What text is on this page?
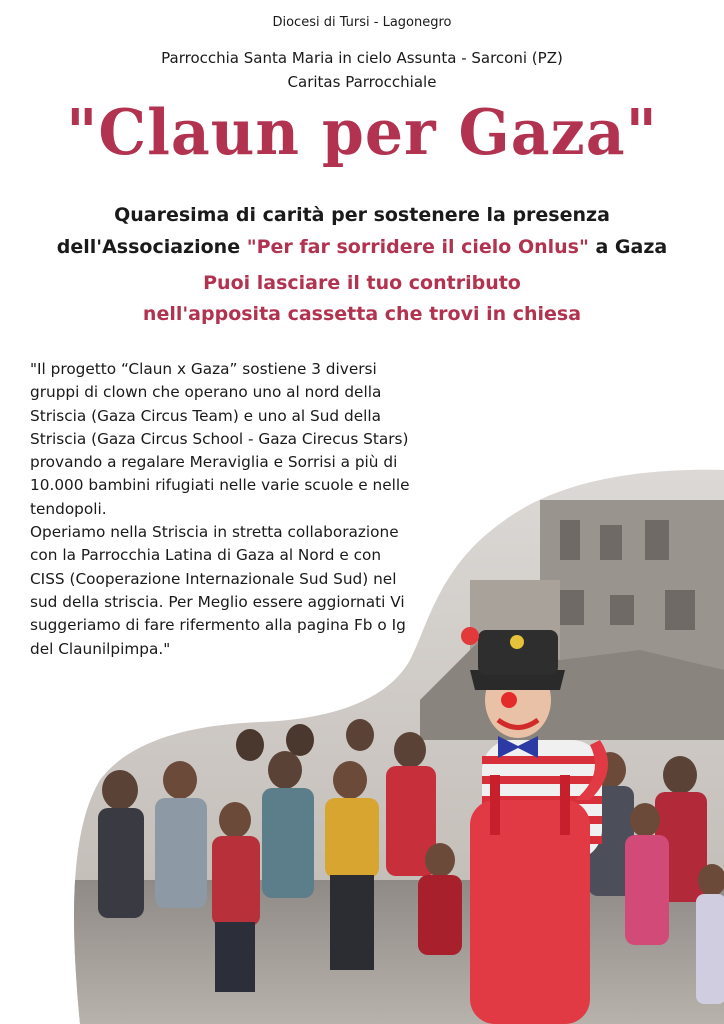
Diocesi di Tursi - Lagonegro
Parrocchia Santa Maria in cielo Assunta - Sarconi (PZ)
Caritas Parrocchiale
"Claun per Gaza"
Quaresima di carità per sostenere la presenza
dell'Associazione "Per far sorridere il cielo Onlus" a Gaza
Puoi lasciare il tuo contributo
nell'apposita cassetta che trovi in chiesa

"Il progetto “Claun x Gaza” sostiene 3 diversi gruppi di clown che operano uno al nord della Striscia (Gaza Circus Team) e uno al Sud della Striscia (Gaza Circus School - Gaza Cirecus Stars) provando a regalare Meraviglia e Sorrisi a più di 10.000 bambini rifugiati nelle varie scuole e nelle tendopoli.

Operiamo nella Striscia in stretta collaborazione con la Parrocchia Latina di Gaza al Nord e con CISS (Cooperazione Internazionale Sud Sud) nel sud della striscia. Per Meglio essere aggiornati Vi suggeriamo di fare rifermento alla pagina Fb o Ig del Claunilpimpa."
